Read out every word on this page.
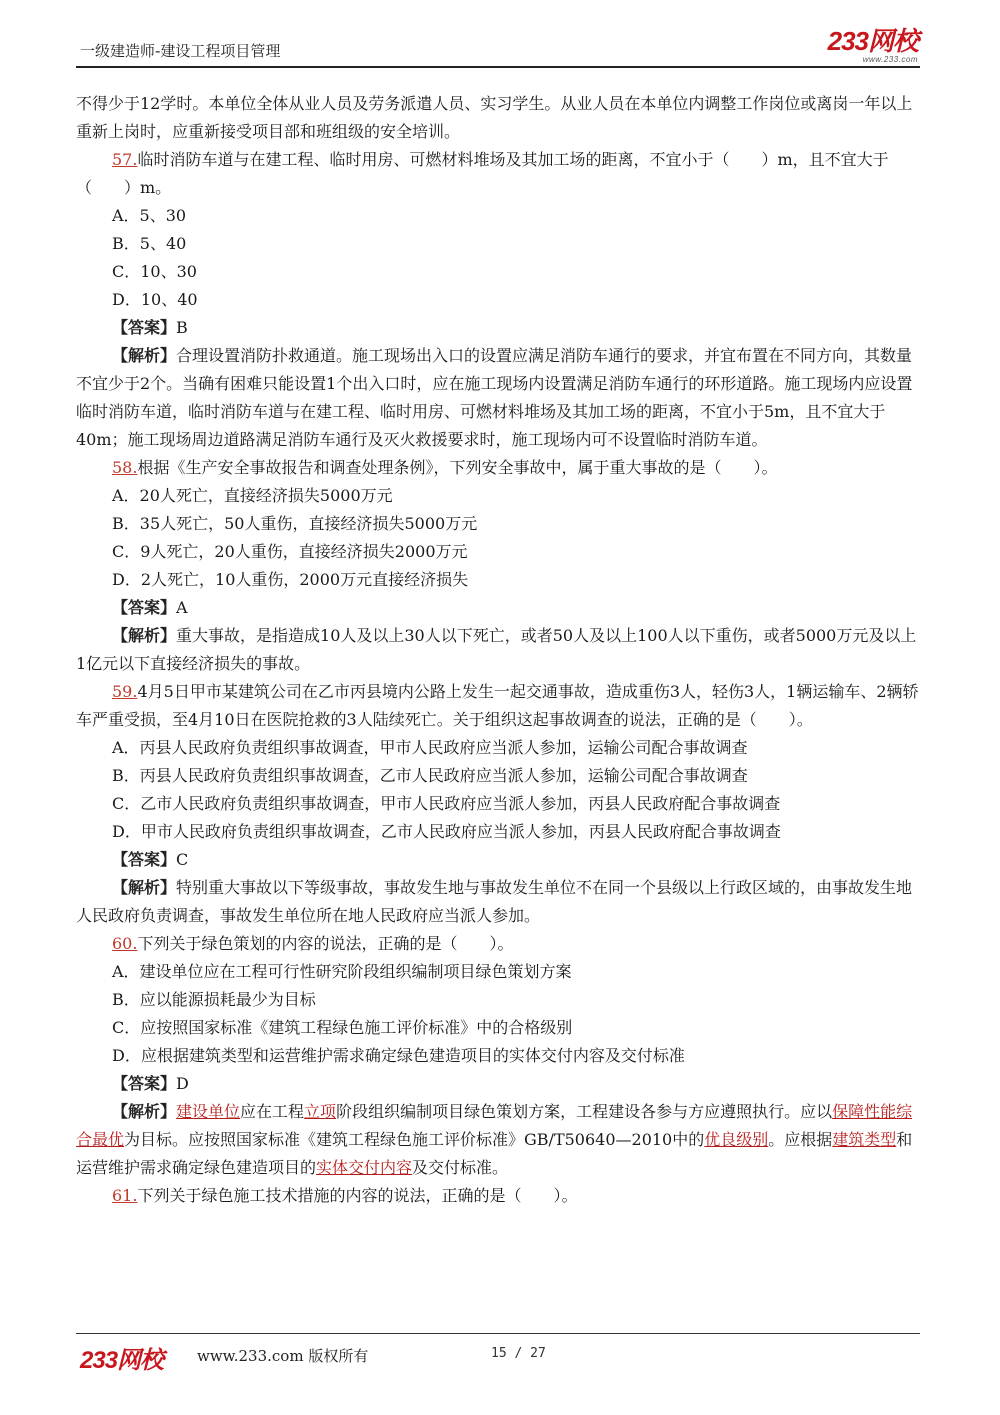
一级建造师-建设工程项目管理	233网校
www.233.com

不得少于12学时。本单位全体从业人员及劳务派遣人员、实习学生。从业人员在本单位内调整工作岗位或离岗一年以上重新上岗时，应重新接受项目部和班组级的安全培训。

57.临时消防车道与在建工程、临时用房、可燃材料堆场及其加工场的距离，不宜小于（　　）m，且不宜大于（　　）m。

A．5、30

B．5、40

C．10、30

D．10、40

【答案】B

【解析】合理设置消防扑救通道。施工现场出入口的设置应满足消防车通行的要求，并宜布置在不同方向，其数量不宜少于2个。当确有困难只能设置1个出入口时，应在施工现场内设置满足消防车通行的环形道路。施工现场内应设置临时消防车道，临时消防车道与在建工程、临时用房、可燃材料堆场及其加工场的距离，不宜小于5m，且不宜大于40m；施工现场周边道路满足消防车通行及灭火救援要求时，施工现场内可不设置临时消防车道。

58.根据《生产安全事故报告和调查处理条例》，下列安全事故中，属于重大事故的是（　　）。

A．20人死亡，直接经济损失5000万元

B．35人死亡，50人重伤，直接经济损失5000万元

C．9人死亡，20人重伤，直接经济损失2000万元

D．2人死亡，10人重伤，2000万元直接经济损失

【答案】A

【解析】重大事故，是指造成10人及以上30人以下死亡，或者50人及以上100人以下重伤，或者5000万元及以上1亿元以下直接经济损失的事故。

59.4月5日甲市某建筑公司在乙市丙县境内公路上发生一起交通事故，造成重伤3人，轻伤3人，1辆运输车、2辆轿车严重受损，至4月10日在医院抢救的3人陆续死亡。关于组织这起事故调查的说法，正确的是（　　）。

A．丙县人民政府负责组织事故调查，甲市人民政府应当派人参加，运输公司配合事故调查

B．丙县人民政府负责组织事故调查，乙市人民政府应当派人参加，运输公司配合事故调查

C．乙市人民政府负责组织事故调查，甲市人民政府应当派人参加，丙县人民政府配合事故调查

D．甲市人民政府负责组织事故调查，乙市人民政府应当派人参加，丙县人民政府配合事故调查

【答案】C

【解析】特别重大事故以下等级事故，事故发生地与事故发生单位不在同一个县级以上行政区域的，由事故发生地人民政府负责调查，事故发生单位所在地人民政府应当派人参加。

60.下列关于绿色策划的内容的说法，正确的是（　　）。

A．建设单位应在工程可行性研究阶段组织编制项目绿色策划方案

B．应以能源损耗最少为目标

C．应按照国家标准《建筑工程绿色施工评价标准》中的合格级别

D．应根据建筑类型和运营维护需求确定绿色建造项目的实体交付内容及交付标准

【答案】D

【解析】建设单位应在工程立项阶段组织编制项目绿色策划方案，工程建设各参与方应遵照执行。应以保障性能综合最优为目标。应按照国家标准《建筑工程绿色施工评价标准》GB/T50640—2010中的优良级别。应根据建筑类型和运营维护需求确定绿色建造项目的实体交付内容及交付标准。

61.下列关于绿色施工技术措施的内容的说法，正确的是（　　）。

233网校 www.233.com 版权所有	15 / 27
